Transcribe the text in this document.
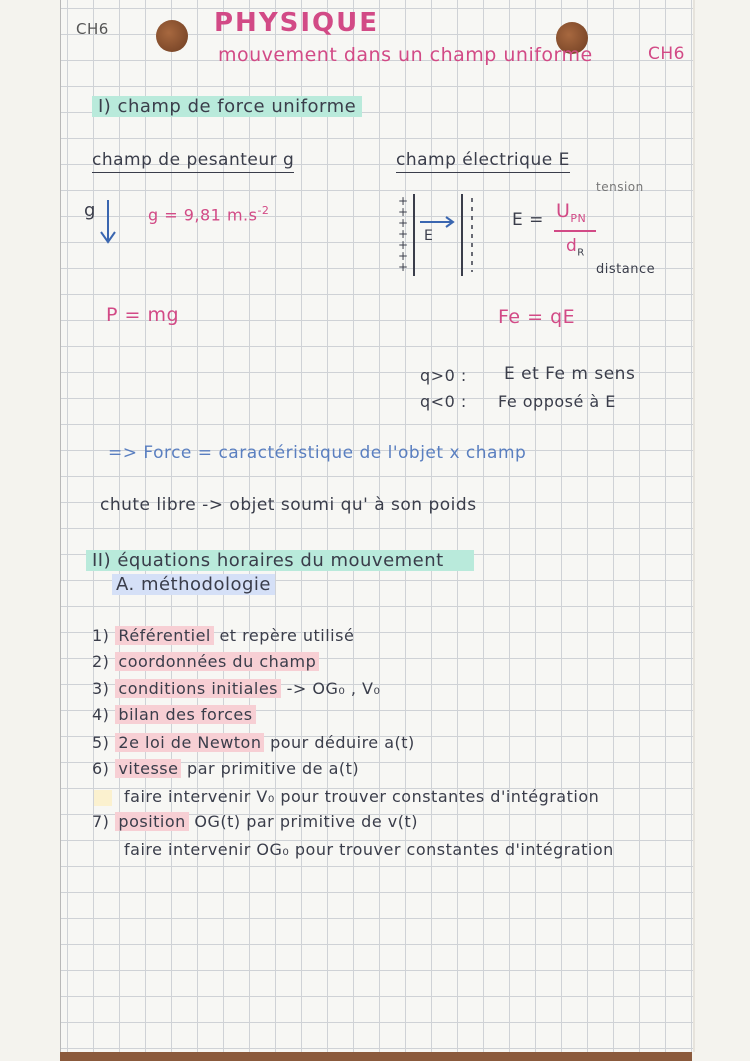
CH6	PHYSIQUE
mouvement dans un champ uniforme	CH6
I) champ de force uniforme
champ de pesanteur g	champ électrique E
g	g = 9,81 $m.s^{-2}$
+ + + + + + +
E
$E = U_{PN}$
$d_R$
tension
distance
P = mg	Fe = qE
q>0 : E et Fe m sens
q<0 : Fe opposé à E
=> Force = caractéristique de l'objet x champ
chute libre -> objet soumi qu' à son poids
II) équations horaires du mouvement
A. méthodologie
1) Référentiel et repère utilisé
2) coordonnées du champ
3) conditions initiales -> OG₀ , V₀
4) bilan des forces
5) 2e loi de Newton pour déduire a(t)
6) vitesse par primitive de a(t)
faire intervenir V₀ pour trouver constantes d'intégration
7) position OG(t) par primitive de v(t)
faire intervenir OG₀ pour trouver constantes d'intégration
